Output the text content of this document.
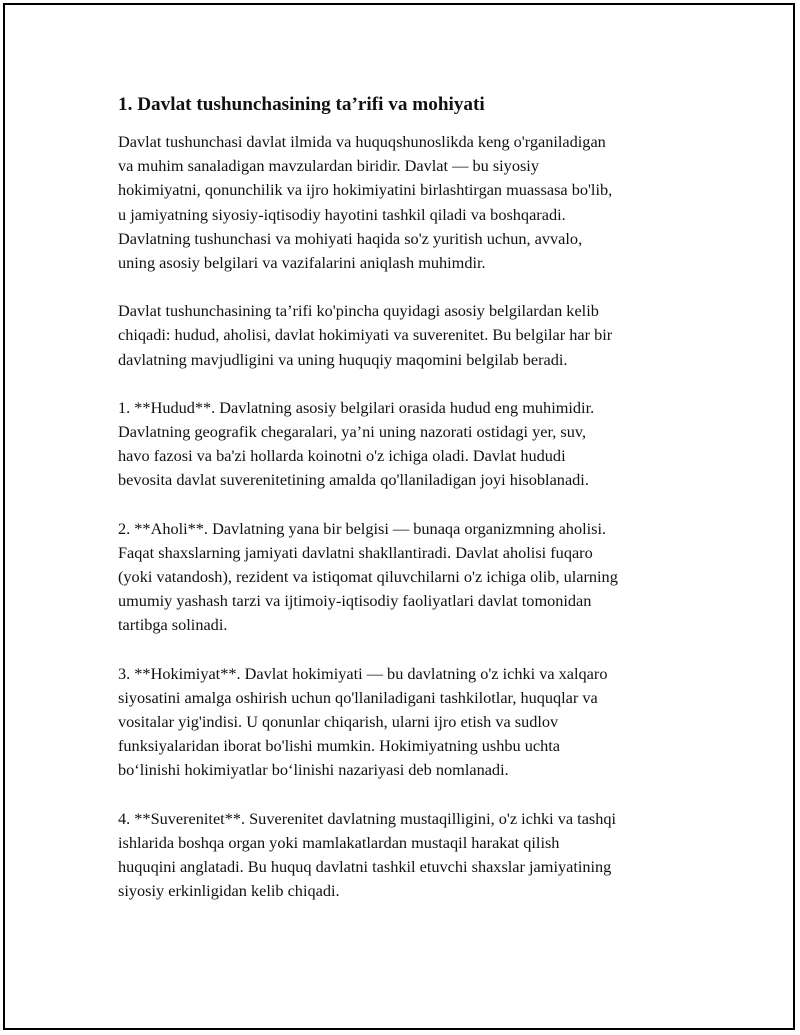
1. Davlat tushunchasining ta’rifi va mohiyati
Davlat tushunchasi davlat ilmida va huquqshunoslikda keng o'rganiladigan
va muhim sanaladigan mavzulardan biridir. Davlat — bu siyosiy
hokimiyatni, qonunchilik va ijro hokimiyatini birlashtirgan muassasa bo'lib,
u jamiyatning siyosiy-iqtisodiy hayotini tashkil qiladi va boshqaradi.
Davlatning tushunchasi va mohiyati haqida so'z yuritish uchun, avvalo,
uning asosiy belgilari va vazifalarini aniqlash muhimdir.
Davlat tushunchasining ta’rifi ko'pincha quyidagi asosiy belgilardan kelib
chiqadi: hudud, aholisi, davlat hokimiyati va suverenitet. Bu belgilar har bir
davlatning mavjudligini va uning huquqiy maqomini belgilab beradi.
1. **Hudud**. Davlatning asosiy belgilari orasida hudud eng muhimidir.
Davlatning geografik chegaralari, ya’ni uning nazorati ostidagi yer, suv,
havo fazosi va ba'zi hollarda koinotni o'z ichiga oladi. Davlat hududi
bevosita davlat suverenitetining amalda qo'llaniladigan joyi hisoblanadi.
2. **Aholi**. Davlatning yana bir belgisi — bunaqa organizmning aholisi.
Faqat shaxslarning jamiyati davlatni shakllantiradi. Davlat aholisi fuqaro
(yoki vatandosh), rezident va istiqomat qiluvchilarni o'z ichiga olib, ularning
umumiy yashash tarzi va ijtimoiy-iqtisodiy faoliyatlari davlat tomonidan
tartibga solinadi.
3. **Hokimiyat**. Davlat hokimiyati — bu davlatning o'z ichki va xalqaro
siyosatini amalga oshirish uchun qo'llaniladigani tashkilotlar, huquqlar va
vositalar yig'indisi. U qonunlar chiqarish, ularni ijro etish va sudlov
funksiyalaridan iborat bo'lishi mumkin. Hokimiyatning ushbu uchta
bo‘linishi hokimiyatlar bo‘linishi nazariyasi deb nomlanadi.
4. **Suverenitet**. Suverenitet davlatning mustaqilligini, o'z ichki va tashqi
ishlarida boshqa organ yoki mamlakatlardan mustaqil harakat qilish
huquqini anglatadi. Bu huquq davlatni tashkil etuvchi shaxslar jamiyatining
siyosiy erkinligidan kelib chiqadi.
